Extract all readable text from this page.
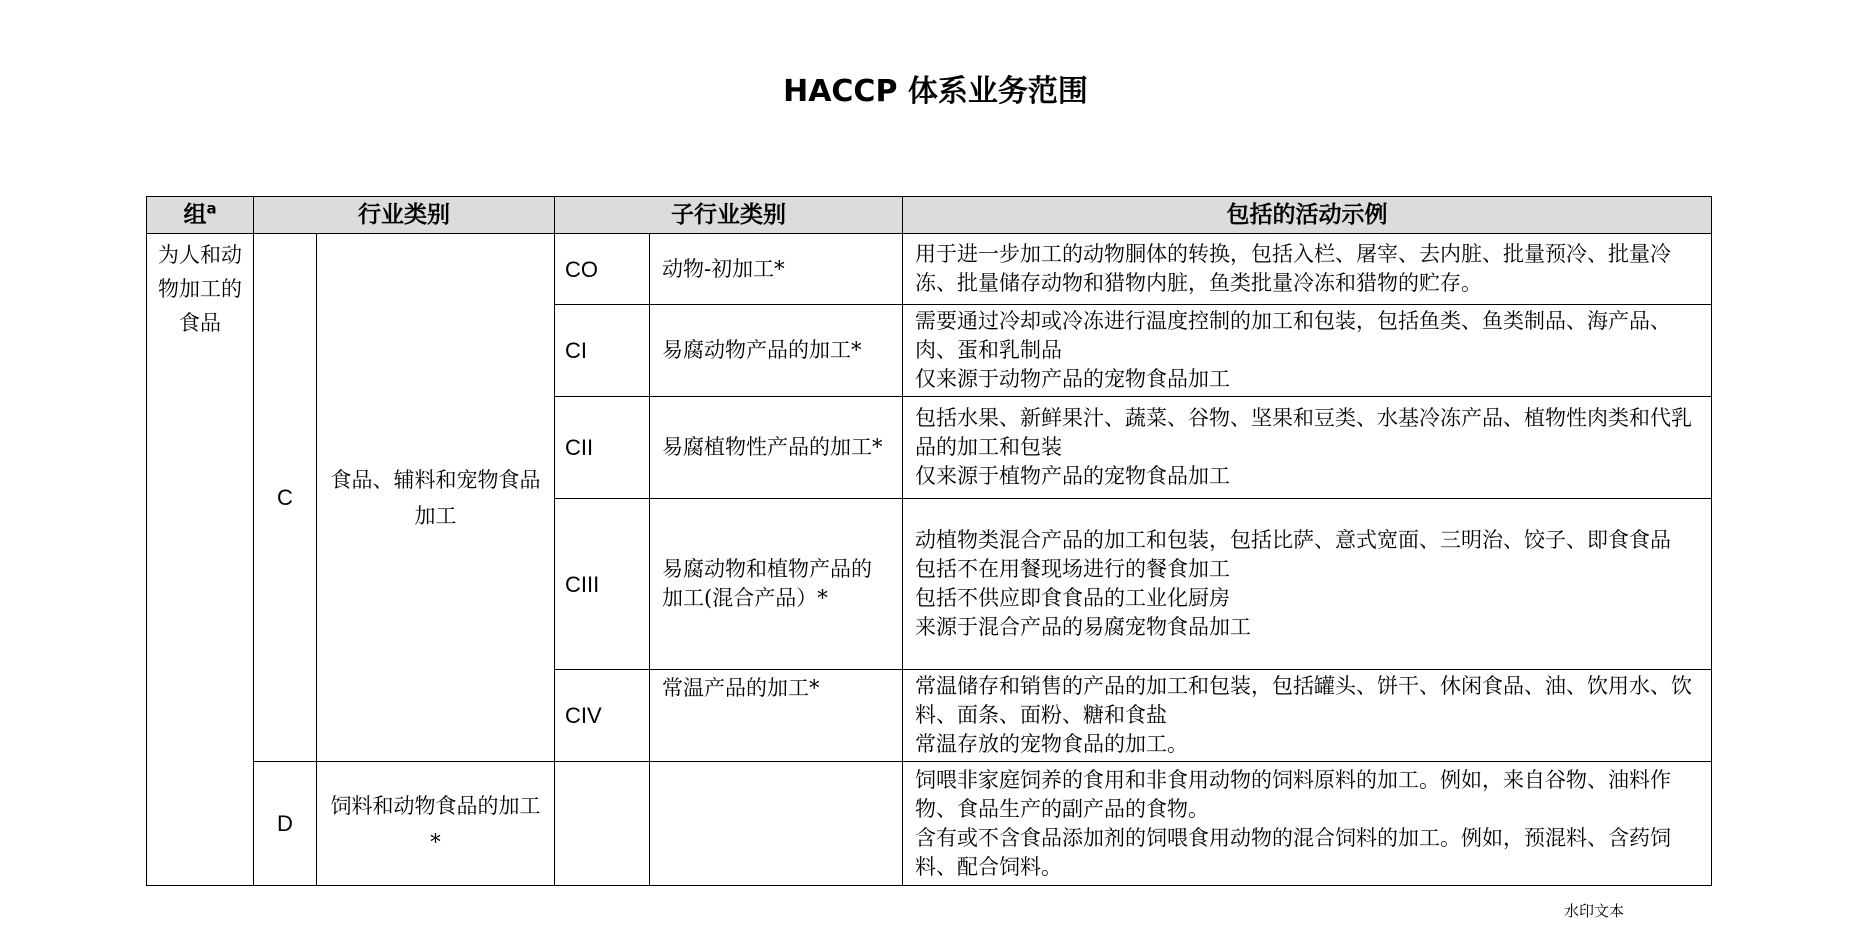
HACCP 体系业务范围
组$^a$	行业类别		子行业类别		包括的活动示例
为人和动物加工的食品	C	食品、辅料和宠物食品加工	CO	动物-初加工*	用于进一步加工的动物胴体的转换，包括入栏、屠宰、去内脏、批量预冷、批量冷冻、批量储存动物和猎物内脏，鱼类批量冷冻和猎物的贮存。

			CI	易腐动物产品的加工*	需要通过冷却或冷冻进行温度控制的加工和包装，包括鱼类、鱼类制品、海产品、肉、蛋和乳制品
仅来源于动物产品的宠物食品加工

			CII	易腐植物性产品的加工*	包括水果、新鲜果汁、蔬菜、谷物、坚果和豆类、水基冷冻产品、植物性肉类和代乳品的加工和包装
仅来源于植物产品的宠物食品加工

			CIII	易腐动物和植物产品的加工(混合产品）*	动植物类混合产品的加工和包装，包括比萨、意式宽面、三明治、饺子、即食食品
包括不在用餐现场进行的餐食加工
包括不供应即食食品的工业化厨房
来源于混合产品的易腐宠物食品加工

			CIV	常温产品的加工*	常温储存和销售的产品的加工和包装，包括罐头、饼干、休闲食品、油、饮用水、饮料、面条、面粉、糖和食盐
常温存放的宠物食品的加工。

	D	饲料和动物食品的加工*			饲喂非家庭饲养的食用和非食用动物的饲料原料的加工。例如，来自谷物、油料作物、食品生产的副产品的食物。
含有或不含食品添加剂的饲喂食用动物的混合饲料的加工。例如，预混料、含药饲料、配合饲料。
水印文本
